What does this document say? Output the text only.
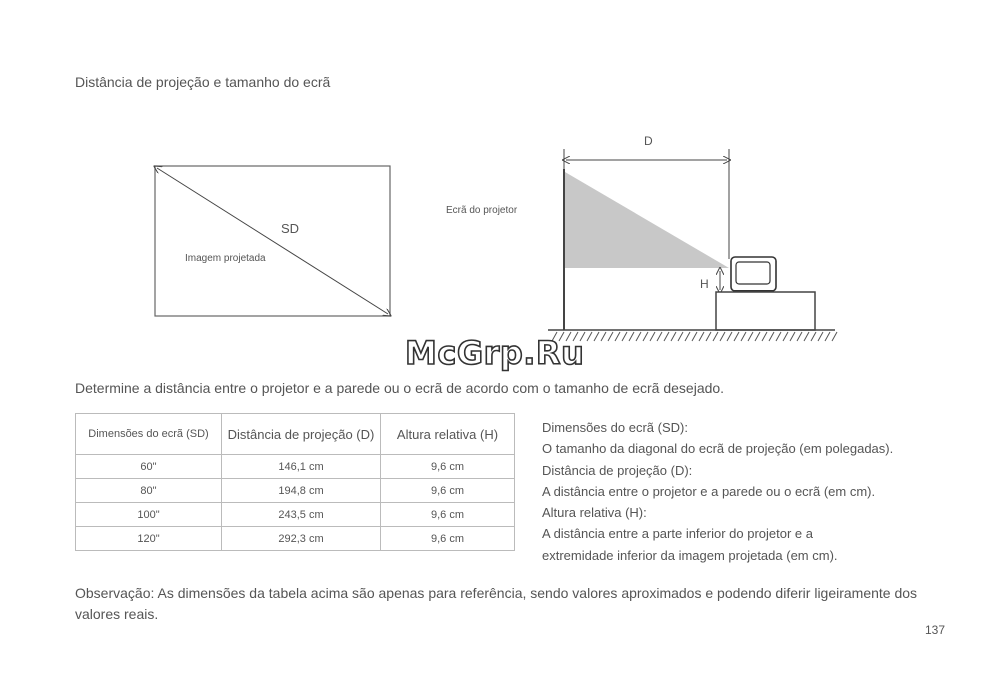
Distância de projeção e tamanho do ecrã
SD
Imagem projetada
Ecrã do projetor
D
H
McGrp.Ru
Determine a distância entre o projetor e a parede ou o ecrã de acordo com o tamanho de ecrã desejado.
Dimensões do ecrã (SD)	Distância de projeção (D)	Altura relativa (H)
60"	146,1 cm	9,6 cm
80"	194,8 cm	9,6 cm
100"	243,5 cm	9,6 cm
120"	292,3 cm	9,6 cm
Dimensões do ecrã (SD):
O tamanho da diagonal do ecrã de projeção (em polegadas).
Distância de projeção (D):
A distância entre o projetor e a parede ou o ecrã (em cm).
Altura relativa (H):
A distância entre a parte inferior do projetor e a
extremidade inferior da imagem projetada (em cm).
Observação: As dimensões da tabela acima são apenas para referência, sendo valores aproximados e podendo diferir ligeiramente dos valores reais.
137
